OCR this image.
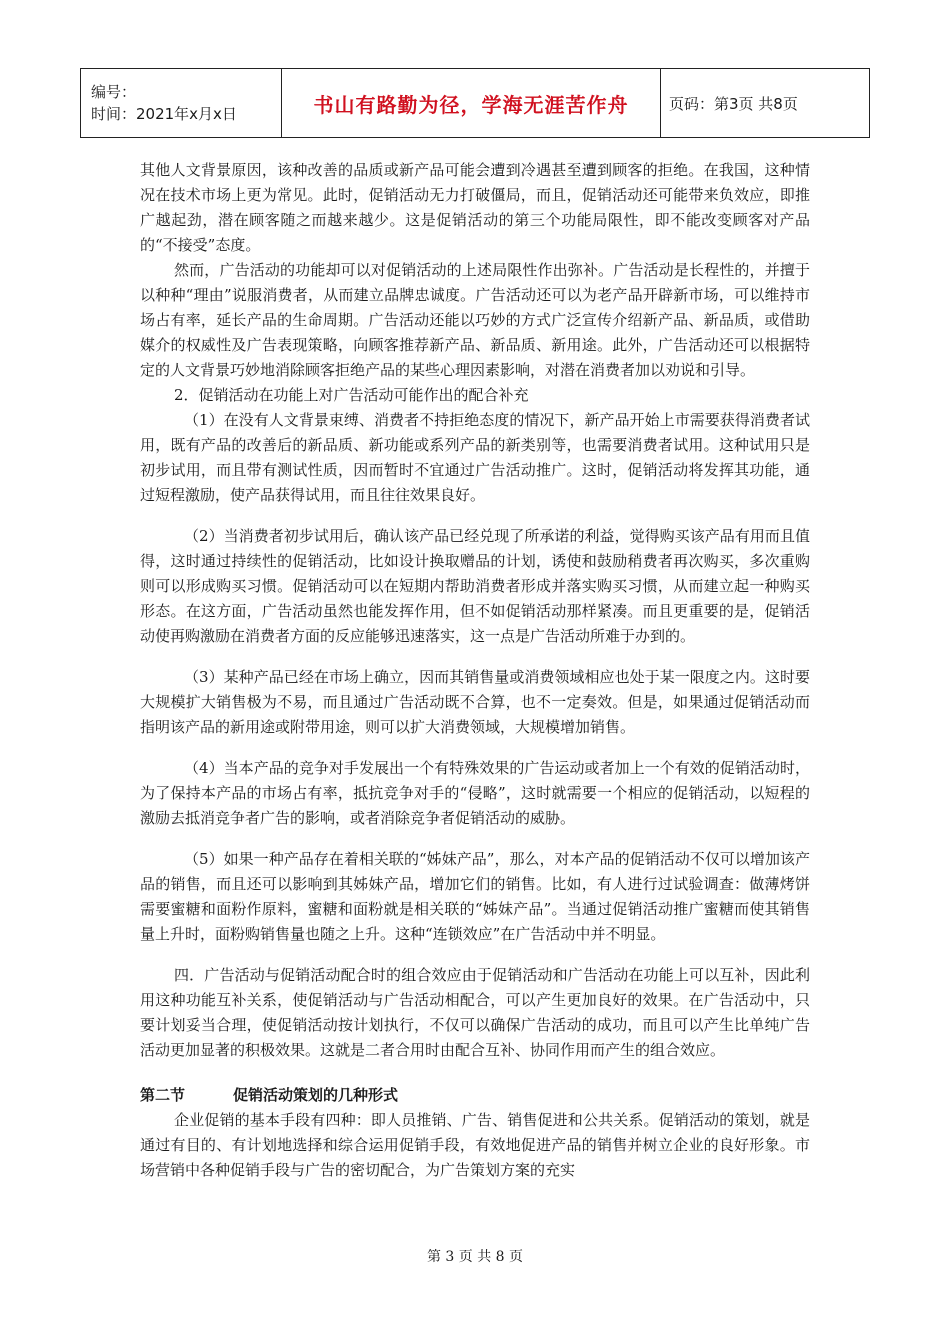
编号：
时间：2021年x月x日	书山有路勤为径，学海无涯苦作舟	页码：第3页 共8页

其他人文背景原因，该种改善的品质或新产品可能会遭到冷遇甚至遭到顾客的拒绝。在我国，这种情况在技术市场上更为常见。此时，促销活动无力打破僵局，而且，促销活动还可能带来负效应，即推广越起劲，潜在顾客随之而越来越少。这是促销活动的第三个功能局限性，即不能改变顾客对产品的“不接受”态度。

然而，广告活动的功能却可以对促销活动的上述局限性作出弥补。广告活动是长程性的，并擅于以种种“理由”说服消费者，从而建立品牌忠诚度。广告活动还可以为老产品开辟新市场，可以维持市场占有率，延长产品的生命周期。广告活动还能以巧妙的方式广泛宣传介绍新产品、新品质，或借助媒介的权威性及广告表现策略，向顾客推荐新产品、新品质、新用途。此外，广告活动还可以根据特定的人文背景巧妙地消除顾客拒绝产品的某些心理因素影响，对潜在消费者加以劝说和引导。

2．促销活动在功能上对广告活动可能作出的配合补充

（1）在没有人文背景束缚、消费者不持拒绝态度的情况下，新产品开始上市需要获得消费者试用，既有产品的改善后的新品质、新功能或系列产品的新类别等，也需要消费者试用。这种试用只是初步试用，而且带有测试性质，因而暂时不宜通过广告活动推广。这时，促销活动将发挥其功能，通过短程激励，使产品获得试用，而且往往效果良好。

（2）当消费者初步试用后，确认该产品已经兑现了所承诺的利益，觉得购买该产品有用而且值得，这时通过持续性的促销活动，比如设计换取赠品的计划，诱使和鼓励稍费者再次购买，多次重购则可以形成购买习惯。促销活动可以在短期内帮助消费者形成并落实购买习惯，从而建立起一种购买形态。在这方面，广告活动虽然也能发挥作用，但不如促销活动那样紧凑。而且更重要的是，促销活动使再购激励在消费者方面的反应能够迅速落实，这一点是广告活动所难于办到的。

（3）某种产品已经在市场上确立，因而其销售量或消费领域相应也处于某一限度之内。这时要大规模扩大销售极为不易，而且通过广告活动既不合算，也不一定奏效。但是，如果通过促销活动而指明该产品的新用途或附带用途，则可以扩大消费领域，大规模增加销售。

（4）当本产品的竞争对手发展出一个有特殊效果的广告运动或者加上一个有效的促销活动时，为了保持本产品的市场占有率，抵抗竞争对手的“侵略”，这时就需要一个相应的促销活动，以短程的激励去抵消竞争者广告的影响，或者消除竞争者促销活动的威胁。

（5）如果一种产品存在着相关联的“姊妹产品”，那么，对本产品的促销活动不仅可以增加该产品的销售，而且还可以影响到其姊妹产品，增加它们的销售。比如，有人进行过试验调查：做薄烤饼需要蜜糖和面粉作原料，蜜糖和面粉就是相关联的“姊妹产品”。当通过促销活动推广蜜糖而使其销售量上升时，面粉购销售量也随之上升。这种“连锁效应”在广告活动中并不明显。

四．广告活动与促销活动配合时的组合效应由于促销活动和广告活动在功能上可以互补，因此利用这种功能互补关系，使促销活动与广告活动相配合，可以产生更加良好的效果。在广告活动中，只要计划妥当合理，使促销活动按计划执行，不仅可以确保广告活动的成功，而且可以产生比单纯广告活动更加显著的积极效果。这就是二者合用时由配合互补、协同作用而产生的组合效应。

第二节	促销活动策划的几种形式

企业促销的基本手段有四种：即人员推销、广告、销售促进和公共关系。促销活动的策划，就是通过有目的、有计划地选择和综合运用促销手段，有效地促进产品的销售并树立企业的良好形象。市场营销中各种促销手段与广告的密切配合，为广告策划方案的充实

第 3 页 共 8 页
